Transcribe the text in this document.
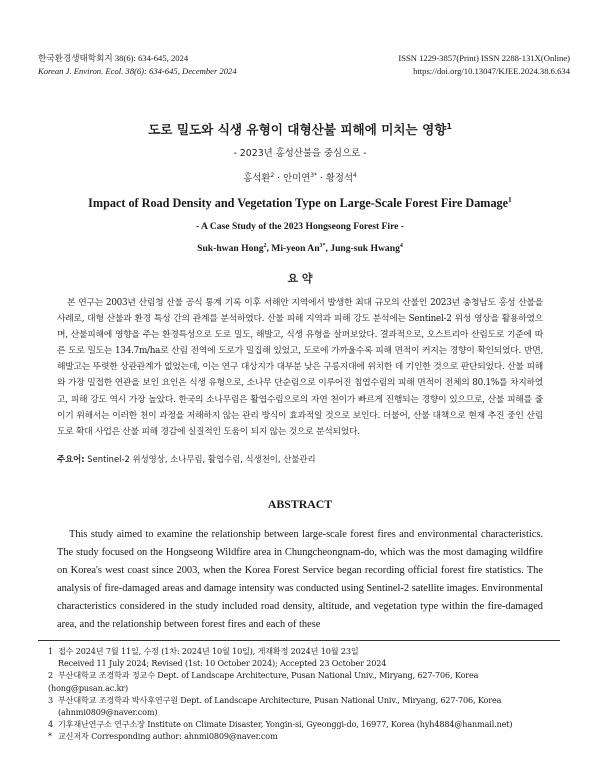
한국환경생태학회지 38(6): 634-645, 2024
Korean J. Environ. Ecol. 38(6): 634-645, December 2024
ISSN 1229-3857(Print) ISSN 2288-131X(Online)
https://doi.org/10.13047/KJEE.2024.38.6.634
도로 밀도와 식생 유형이 대형산불 피해에 미치는 영향$^1$
- 2023년 홍성산불을 중심으로 -
홍석환$^2$ · 안미연$^{3*}$ · 황정석$^4$
Impact of Road Density and Vegetation Type on Large-Scale Forest Fire Damage$^1$
- A Case Study of the 2023 Hongseong Forest Fire -
Suk-hwan Hong$^2$, Mi-yeon $An^{3*}$, Jung-suk Hwang$^4$
요 약

본 연구는 2003년 산림청 산불 공식 통계 기록 이후 서해안 지역에서 발생한 최대 규모의 산불인 2023년 충청남도 홍성 산불을 사례로, 대형 산불과 환경 특성 간의 관계를 분석하였다. 산불 피해 지역과 피해 강도 분석에는 Sentinel-2 위성 영상을 활용하였으며, 산불피해에 영향을 주는 환경특성으로 도로 밀도, 해발고, 식생 유형을 살펴보았다. 결과적으로, 오스트리아 산림도로 기준에 따른 도로 밀도는 134.7m/ha로 산림 전역에 도로가 밀집해 있었고, 도로에 가까울수록 피해 면적이 커지는 경향이 확인되었다. 반면, 해발고는 뚜렷한 상관관계가 없었는데, 이는 연구 대상지가 대부분 낮은 구릉지대에 위치한 데 기인한 것으로 판단되었다. 산불 피해와 가장 밀접한 연관을 보인 요인은 식생 유형으로, 소나무 단순림으로 이루어진 침엽수림의 피해 면적이 전체의 80.1%를 차지하였고, 피해 강도 역시 가장 높았다. 한국의 소나무림은 활엽수림으로의 자연 천이가 빠르게 진행되는 경향이 있으므로, 산불 피해를 줄이기 위해서는 이러한 천이 과정을 저해하지 않는 관리 방식이 효과적일 것으로 보인다. 더불어, 산불 대책으로 현재 추진 중인 산림도로 확대 사업은 산불 피해 경감에 실질적인 도움이 되지 않는 것으로 분석되었다.

주요어: Sentinel-2 위성영상, 소나무림, 활엽수림, 식생천이, 산불관리
ABSTRACT

This study aimed to examine the relationship between large-scale forest fires and environmental characteristics. The study focused on the Hongseong Wildfire area in Chungcheongnam-do, which was the most damaging wildfire on Korea's west coast since 2003, when the Korea Forest Service began recording official forest fire statistics. The analysis of fire-damaged areas and damage intensity was conducted using Sentinel-2 satellite images. Environmental characteristics considered in the study included road density, altitude, and vegetation type within the fire-damaged area, and the relationship between forest fires and each of these

1 접수 2024년 7월 11일, 수정 (1차: 2024년 10월 10일), 게재확정 2024년 10월 23일
Received 11 July 2024; Revised (1st: 10 October 2024); Accepted 23 October 2024
2 부산대학교 조경학과 정교수 Dept. of Landscape Architecture, Pusan National Univ., Miryang, 627-706, Korea (hong@pusan.ac.kr)
3 부산대학교 조경학과 박사후연구원 Dept. of Landscape Architecture, Pusan National Univ., Miryang, 627-706, Korea
(ahnmi0809@naver.com)
4 기후재난연구소 연구소장 Institute on Climate Disaster, Yongin-si, Gyeonggi-do, 16977, Korea (hyh4884@hanmail.net)
* 교신저자 Corresponding author: ahnmi0809@naver.com
